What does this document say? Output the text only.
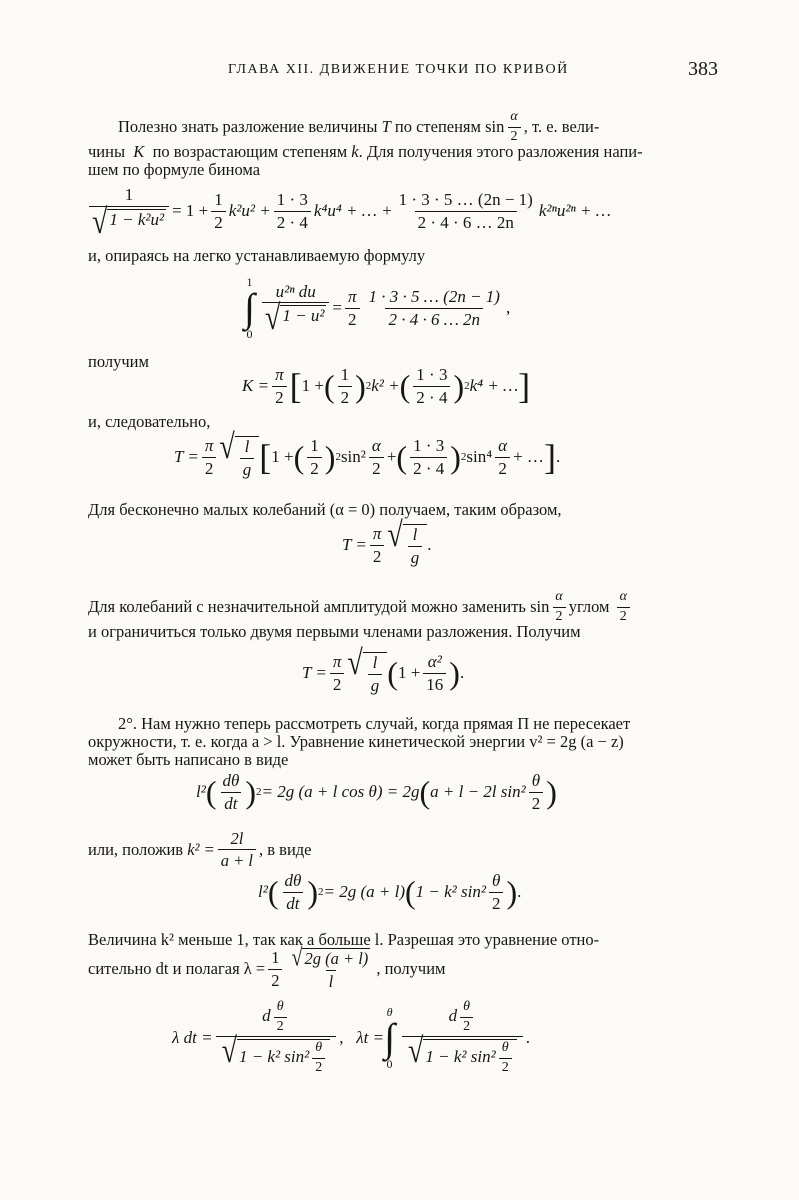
ГЛАВА XII. ДВИЖЕНИЕ ТОЧКИ ПО КРИВОЙ	383
Полезно знать разложение величины
T
по степеням
$\sin \frac{\alpha}{2}$ , т. е. вели-
чины K по возрастающим степеням k. Для получения этого разложения напи-
шем по формуле бинома
$\frac{1}{\text{√ 1 − k²u²}} = 1 + \frac{1}{2} k^2u^2 + \frac{1 \cdot 3}{2 \cdot 4} k^4u^4$ + … + $\frac{1 \cdot 3 \cdot 5 \dots (2n - 1)}{2 \cdot 4 \cdot 6 \dots 2n} k^{2n}u^{2n}$ + …
и, опираясь на легко устанавливаемую формулу
1
∫
0
$\frac{\text{u²ⁿ du}}{\text{√ 1 − u²}} = \frac{\pi}{2} \frac{1 \cdot 3 \cdot 5 \dots (2n - 1)}{2 \cdot 4 \cdot 6 \dots 2n}$ ,
получим
$K = \frac{\pi}{2}$ [ 1 + ( $\frac{1}{2}$ ) 2 k² + ( $\frac{1 \cdot 3}{2 \cdot 4}$ ) 2 k⁴ + … ]
и, следовательно,
$T = \frac{\pi}{2}$ √ $\frac{l}{g}$ [ 1 + ( $\frac{1}{2}$ ) 2 $\sin^2 \frac{\alpha}{2}$ + ( $\frac{1 \cdot 3}{2 \cdot 4}$ ) 2 $\sin^4 \frac{\alpha}{2}$ + … ] .
Для бесконечно малых колебаний (α = 0) получаем, таким образом,
$T = \frac{\pi}{2}$ √ $\frac{l}{g}$ .
Для колебаний с незначительной амплитудой можно заменить
$\sin \frac{\alpha}{2}$ углом
$\frac{\alpha}{2}$
и ограничиться только двумя первыми членами разложения. Получим
$T = \frac{\pi}{2}$ √ $\frac{l}{g}$ ( $1 + \frac{\text{α²}}{16}$ ) .
2°. Нам нужно теперь рассмотреть случай, когда прямая П не пересекает
окружности, т. е. когда a > l. Уравнение кинетической энергии v² = 2g (a − z)
может быть написано в виде
l² ( $\frac{d\theta}{dt}$ ) 2 = 2g (a + l cos θ) = 2g ( a + l − 2l $\sin^2 \frac{\theta}{2}$ )
или, положив
$k^2 = \frac{2l}{a + l}$ , в виде
l² ( $\frac{d\theta}{dt}$ ) 2 = 2g (a + l) ( 1 − k² $\sin^2 \frac{\theta}{2}$ ) .
Величина k² меньше 1, так как a больше l. Разрешая это уравнение отно-
сительно dt и полагая $\lambda = \frac{1}{2} \frac{√ 2g (a + l)}{l}$ , получим
λ dt = $\frac{d \frac{\theta}{2}}{√ 1 - k^2 \sin^2 \frac{\theta}{2}}$ ,
λt =
θ
∫
$0 \frac{d \frac{\theta}{2}}{√ 1 - k^2 \sin^2 \frac{\theta}{2}}$ .
